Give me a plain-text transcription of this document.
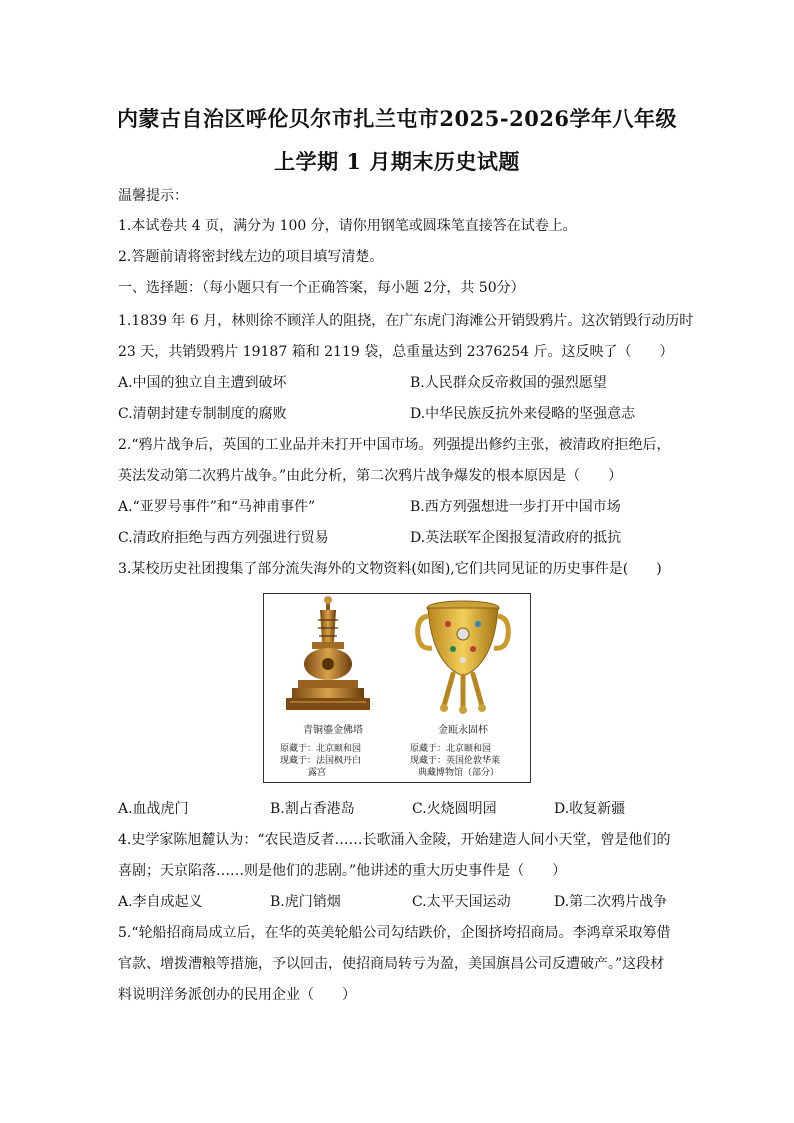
内蒙古自治区呼伦贝尔市扎兰屯市2025-2026学年八年级
上学期 1 月期末历史试题
温馨提示：
1.本试卷共 4 页，满分为 100 分，请你用钢笔或圆珠笔直接答在试卷上。
2.答题前请将密封线左边的项目填写清楚。
一、选择题：（每小题只有一个正确答案，每小题 2分，共 50分）
1.1839 年 6 月，林则徐不顾洋人的阻挠，在广东虎门海滩公开销毁鸦片。这次销毁行动历时
23 天，共销毁鸦片 19187 箱和 2119 袋，总重量达到 2376254 斤。这反映了（　　）
A.中国的独立自主遭到破坏	B.人民群众反帝救国的强烈愿望
C.清朝封建专制制度的腐败	D.中华民族反抗外来侵略的坚强意志
2.“鸦片战争后，英国的工业品并未打开中国市场。列强提出修约主张，被清政府拒绝后，
英法发动第二次鸦片战争。”由此分析，第二次鸦片战争爆发的根本原因是（　　）
A.“亚罗号事件”和“马神甫事件”	B.西方列强想进一步打开中国市场
C.清政府拒绝与西方列强进行贸易	D.英法联军企图报复清政府的抵抗
3.某校历史社团搜集了部分流失海外的文物资料(如图),它们共同见证的历史事件是(　　)
青铜鎏金佛塔
原藏于：北京颐和园
现藏于：法国枫丹白
露宫
金瓯永固杯
原藏于：北京颐和园
现藏于：英国伦敦华莱
典藏博物馆（部分）
A.血战虎门	B.割占香港岛	C.火烧圆明园	D.收复新疆
4.史学家陈旭麓认为：“农民造反者……长歌涌入金陵，开始建造人间小天堂，曾是他们的
喜剧；天京陷落……则是他们的悲剧。”他讲述的重大历史事件是（　　）
A.李自成起义	B.虎门销烟	C.太平天国运动	D.第二次鸦片战争
5.“轮船招商局成立后，在华的英美轮船公司勾结跌价，企图挤垮招商局。李鸿章采取筹借
官款、增拨漕粮等措施，予以回击，使招商局转亏为盈，美国旗昌公司反遭破产。”这段材
料说明洋务派创办的民用企业（　　）
